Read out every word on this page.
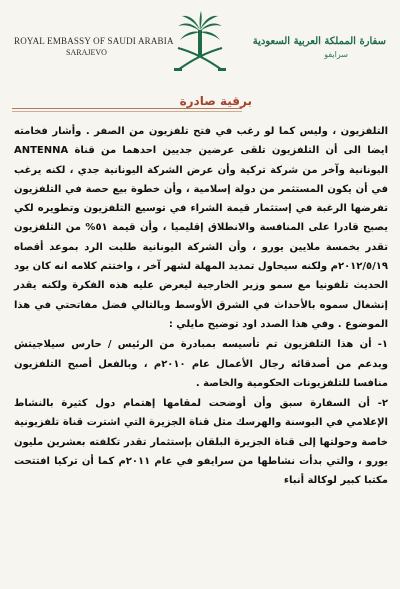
ROYAL EMBASSY OF SAUDI ARABIA
SARAJEVO
سفارة المملكة العربية السعودية
سرايفو
برقية صادرة

التلفزيون ، وليس كما لو رغب في فتح تلفزيون من الصفر . وأشار فخامته ايضا الى أن التلفزيون تلقى عرضين جديين احدهما من قناة ANTENNA اليونانية وآخر من شركة تركية وأن عرض الشركة اليونانية جدي ، لكنه يرغب في أن يكون المستثمر من دولة إسلامية ، وأن خطوة بيع حصة في التلفزيون تفرضها الرغبة في إستثمار قيمة الشراء في توسيع التلفزيون وتطويره لكي يصبح قادرا على المنافسة والانطلاق إقليميا ، وأن قيمة ٥١% من التلفزيون تقدر بخمسة ملايين يورو ، وأن الشركة اليونانية طلبت الرد بموعد أقصاه ٢٠١٢/٥/١٩م ولكنه سيحاول تمديد المهلة لشهر آخر ، واختتم كلامه انه كان يود الحديث تلفونيا مع سمو وزير الخارجية ليعرض عليه هذه الفكرة ولكنه يقدر إنشغال سموه بالأحداث في الشرق الأوسط وبالتالي فضل مفاتحتي في هذا الموضوع . وفي هذا الصدد اود توضيح مايلي :

١- أن هذا التلفزيون تم تأسيسه بمبادرة من الرئيس / حارس سيلاجيتش وبدعم من أصدقائه رجال الأعمال عام ٢٠١٠م ، وبالفعل أصبح التلفزيون منافسا للتلفزيونات الحكومية والخاصة .

٢- أن السفارة سبق وأن أوضحت لمقامها إهتمام دول كثيرة بالنشاط الإعلامي في البوسنة والهرسك مثل قناة الجزيرة التي اشترت قناة تلفزيونية خاصة وحولتها إلى قناة الجزيرة البلقان بإستثمار تقدر تكلفته بعشرين مليون يورو ، والتي بدأت نشاطها من سرايفو في عام ٢٠١١م كما أن تركيا افتتحت مكتبا كبير لوكالة أنباء
